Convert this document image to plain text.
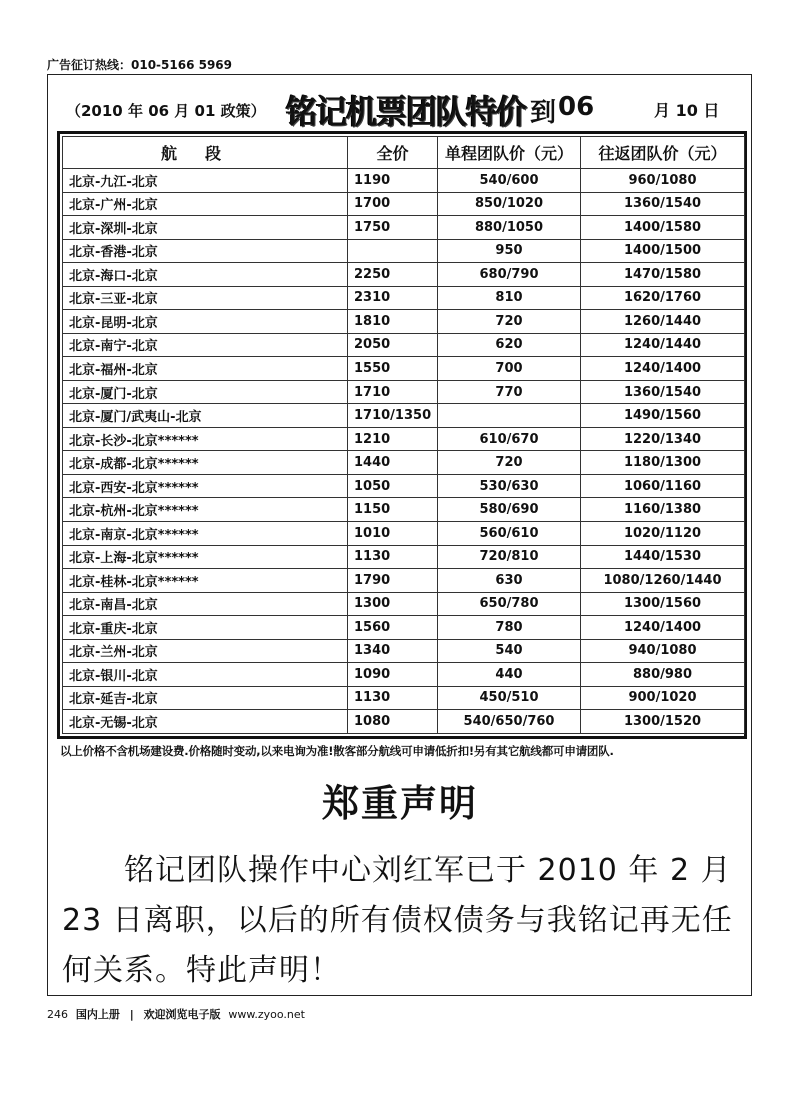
广告征订热线：010-5166 5969
（2010 年 06 月 01 政策） 铭记机票团队特价 到 06	月 10 日
航段	全价	单程团队价（元）	往返团队价（元）
北京-九江-北京	1190	540/600	960/1080
北京-广州-北京	1700	850/1020	1360/1540
北京-深圳-北京	1750	880/1050	1400/1580
北京-香港-北京		950	1400/1500
北京-海口-北京	2250	680/790	1470/1580
北京-三亚-北京	2310	810	1620/1760
北京-昆明-北京	1810	720	1260/1440
北京-南宁-北京	2050	620	1240/1440
北京-福州-北京	1550	700	1240/1400
北京-厦门-北京	1710	770	1360/1540
北京-厦门/武夷山-北京	1710/1350		1490/1560
北京-长沙-北京******	1210	610/670	1220/1340
北京-成都-北京******	1440	720	1180/1300
北京-西安-北京******	1050	530/630	1060/1160
北京-杭州-北京******	1150	580/690	1160/1380
北京-南京-北京******	1010	560/610	1020/1120
北京-上海-北京******	1130	720/810	1440/1530
北京-桂林-北京******	1790	630	1080/1260/1440
北京-南昌-北京	1300	650/780	1300/1560
北京-重庆-北京	1560	780	1240/1400
北京-兰州-北京	1340	540	940/1080
北京-银川-北京	1090	440	880/980
北京-延吉-北京	1130	450/510	900/1020
北京-无锡-北京	1080	540/650/760	1300/1520
以上价格不含机场建设费.价格随时变动,以来电询为准!散客部分航线可申请低折扣!另有其它航线都可申请团队.
郑重声明
铭记团队操作中心刘红军已于 2010 年 2 月 23 日离职，以后的所有债权债务与我铭记再无任何关系。特此声明！
246 国内上册 | 欢迎浏览电子版 www.zyoo.net
